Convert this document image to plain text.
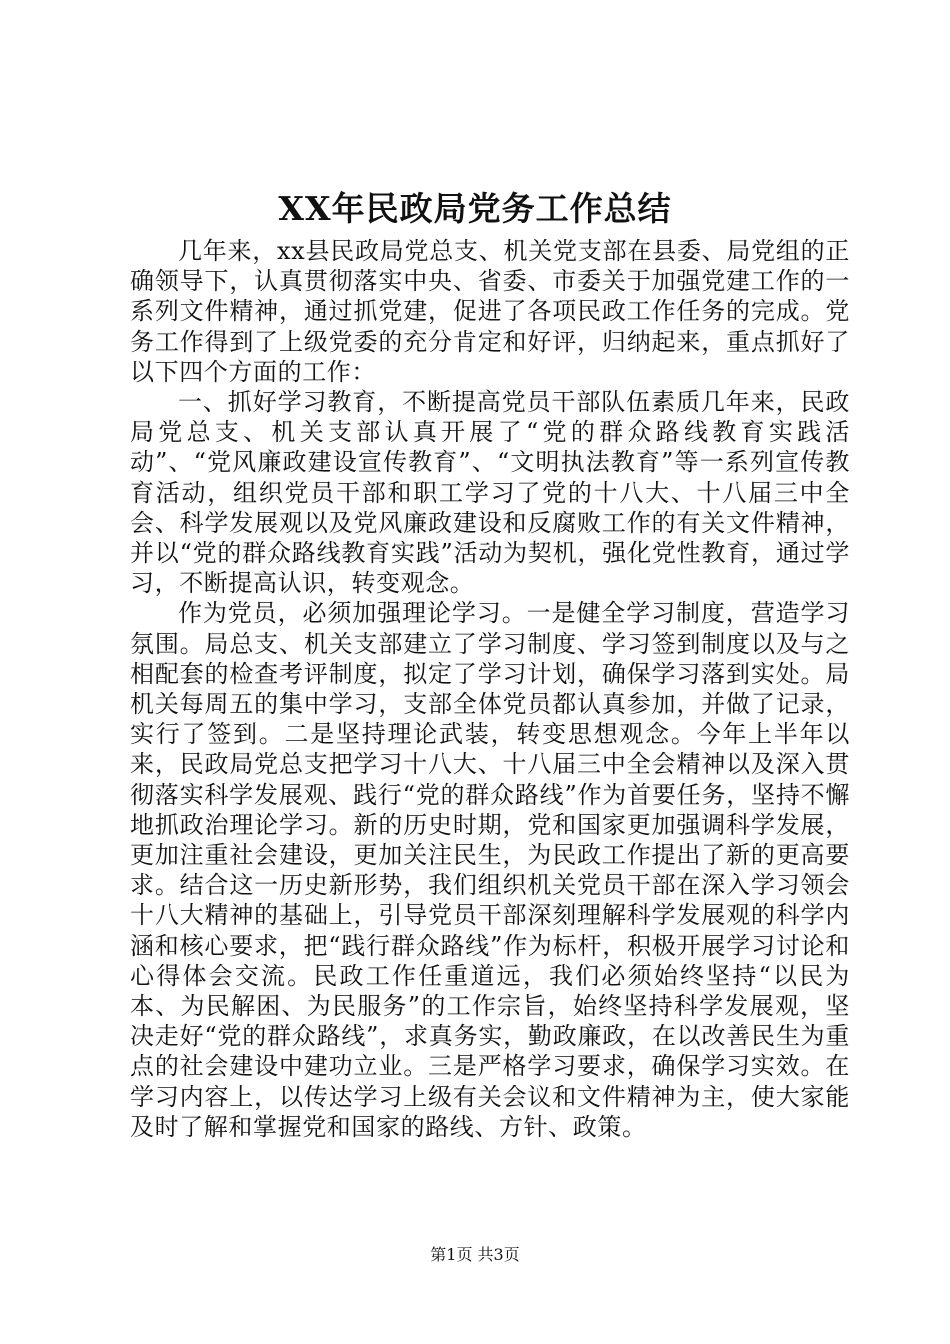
XX年民政局党务工作总结

几年来，xx县民政局党总支、机关党支部在县委、局党组的正确领导下，认真贯彻落实中央、省委、市委关于加强党建工作的一系列文件精神，通过抓党建，促进了各项民政工作任务的完成。党务工作得到了上级党委的充分肯定和好评，归纳起来，重点抓好了以下四个方面的工作：

一、抓好学习教育，不断提高党员干部队伍素质几年来，民政局党总支、机关支部认真开展了“党的群众路线教育实践活动”、“党风廉政建设宣传教育”、“文明执法教育”等一系列宣传教育活动，组织党员干部和职工学习了党的十八大、十八届三中全会、科学发展观以及党风廉政建设和反腐败工作的有关文件精神，并以“党的群众路线教育实践”活动为契机，强化党性教育，通过学习，不断提高认识，转变观念。

作为党员，必须加强理论学习。一是健全学习制度，营造学习氛围。局总支、机关支部建立了学习制度、学习签到制度以及与之相配套的检查考评制度，拟定了学习计划，确保学习落到实处。局机关每周五的集中学习，支部全体党员都认真参加，并做了记录，实行了签到。二是坚持理论武装，转变思想观念。今年上半年以来，民政局党总支把学习十八大、十八届三中全会精神以及深入贯彻落实科学发展观、践行“党的群众路线”作为首要任务，坚持不懈地抓政治理论学习。新的历史时期，党和国家更加强调科学发展，更加注重社会建设，更加关注民生，为民政工作提出了新的更高要求。结合这一历史新形势，我们组织机关党员干部在深入学习领会十八大精神的基础上，引导党员干部深刻理解科学发展观的科学内涵和核心要求，把“践行群众路线”作为标杆，积极开展学习讨论和心得体会交流。民政工作任重道远，我们必须始终坚持“以民为本、为民解困、为民服务”的工作宗旨，始终坚持科学发展观，坚决走好“党的群众路线”，求真务实，勤政廉政，在以改善民生为重点的社会建设中建功立业。三是严格学习要求，确保学习实效。在学习内容上，以传达学习上级有关会议和文件精神为主，使大家能及时了解和掌握党和国家的路线、方针、政策。

第1页 共3页
